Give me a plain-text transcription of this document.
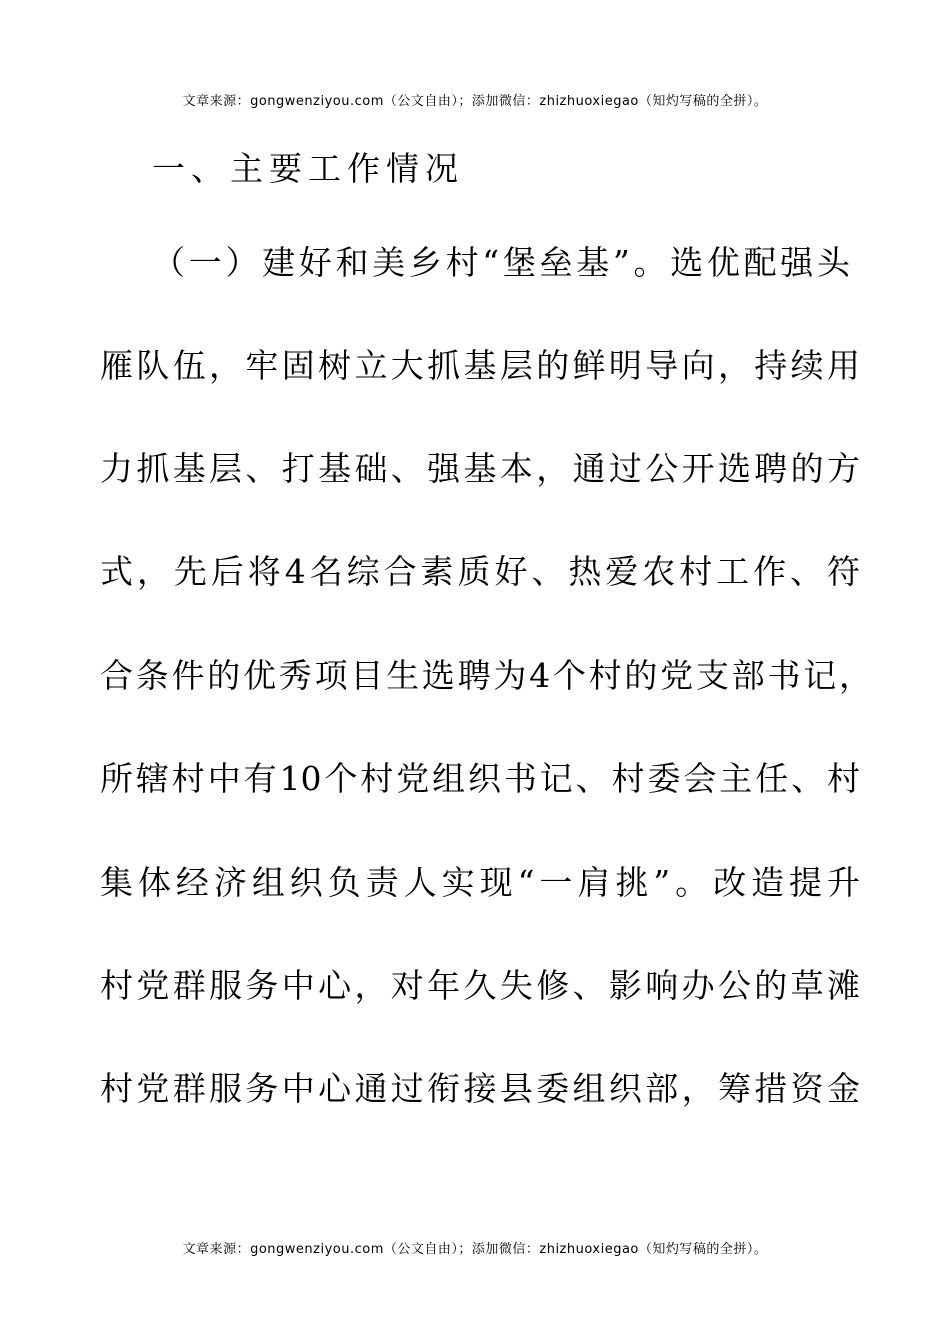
文章来源：gongwenziyou.com（公文自由）；添加微信：zhizhuoxiegao（知灼写稿的全拼）。
一、主要工作情况
（一）建好和美乡村“堡垒基”。选优配强头
雁队伍，牢固树立大抓基层的鲜明导向，持续用
力抓基层、打基础、强基本，通过公开选聘的方
式，先后将4名综合素质好、热爱农村工作、符
合条件的优秀项目生选聘为4个村的党支部书记，
所辖村中有10个村党组织书记、村委会主任、村
集体经济组织负责人实现“一肩挑”。改造提升
村党群服务中心，对年久失修、影响办公的草滩
村党群服务中心通过衔接县委组织部，筹措资金
文章来源：gongwenziyou.com（公文自由）；添加微信：zhizhuoxiegao（知灼写稿的全拼）。
